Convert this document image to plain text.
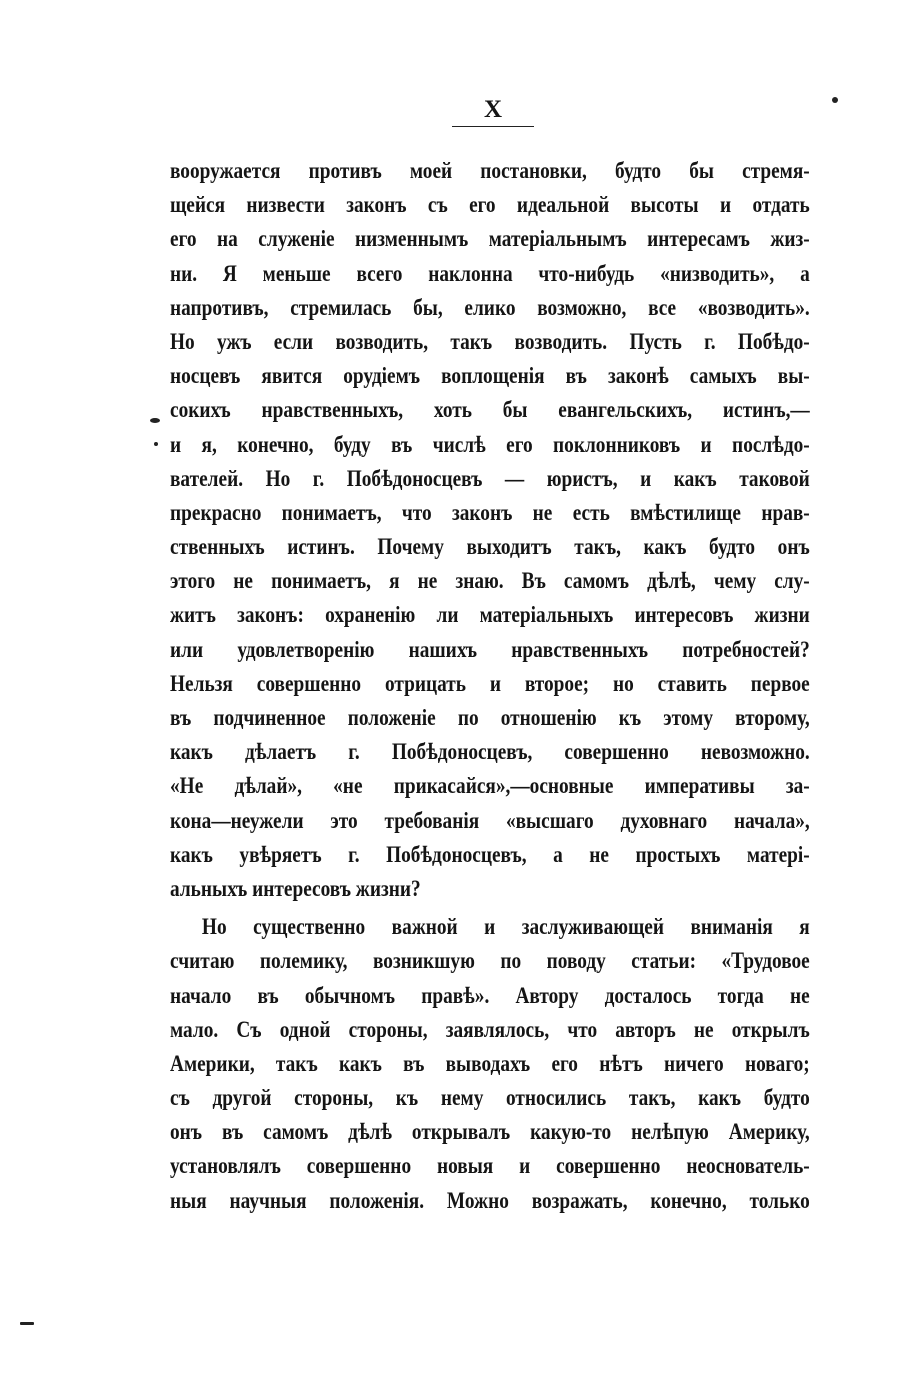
X
вооружается противъ моей постановки, будто бы стремя-
щейся низвести законъ съ его идеальной высоты и отдать
его на служеніе низменнымъ матеріальнымъ интересамъ жиз-
ни. Я меньше всего наклонна что-нибудь «низводить», а
напротивъ, стремилась бы, елико возможно, все «возводить».
Но ужъ если возводить, такъ возводить. Пусть г. Побѣдо-
носцевъ явится орудіемъ воплощенія въ законѣ самыхъ вы-
сокихъ нравственныхъ, хоть бы евангельскихъ, истинъ,—
и я, конечно, буду въ числѣ его поклонниковъ и послѣдо-
вателей. Но г. Побѣдоносцевъ — юристъ, и какъ таковой
прекрасно понимаетъ, что законъ не есть вмѣстилище нрав-
ственныхъ истинъ. Почему выходитъ такъ, какъ будто онъ
этого не понимаетъ, я не знаю. Въ самомъ дѣлѣ, чему слу-
житъ законъ: охраненію ли матеріальныхъ интересовъ жизни
или удовлетворенію нашихъ нравственныхъ потребностей?
Нельзя совершенно отрицать и второе; но ставить первое
въ подчиненное положеніе по отношенію къ этому второму,
какъ дѣлаетъ г. Побѣдоносцевъ, совершенно невозможно.
«Не дѣлай», «не прикасайся»,—основные императивы за-
кона—неужели это требованія «высшаго духовнаго начала»,
какъ увѣряетъ г. Побѣдоносцевъ, а не простыхъ матері-
альныхъ интересовъ жизни?
Но существенно важной и заслуживающей вниманія я
считаю полемику, возникшую по поводу статьи: «Трудовое
начало въ обычномъ правѣ». Автору досталось тогда не
мало. Съ одной стороны, заявлялось, что авторъ не открылъ
Америки, такъ какъ въ выводахъ его нѣтъ ничего новаго;
съ другой стороны, къ нему относились такъ, какъ будто
онъ въ самомъ дѣлѣ открывалъ какую-то нелѣпую Америку,
установлялъ совершенно новыя и совершенно неоснователь-
ныя научныя положенія. Можно возражать, конечно, только
